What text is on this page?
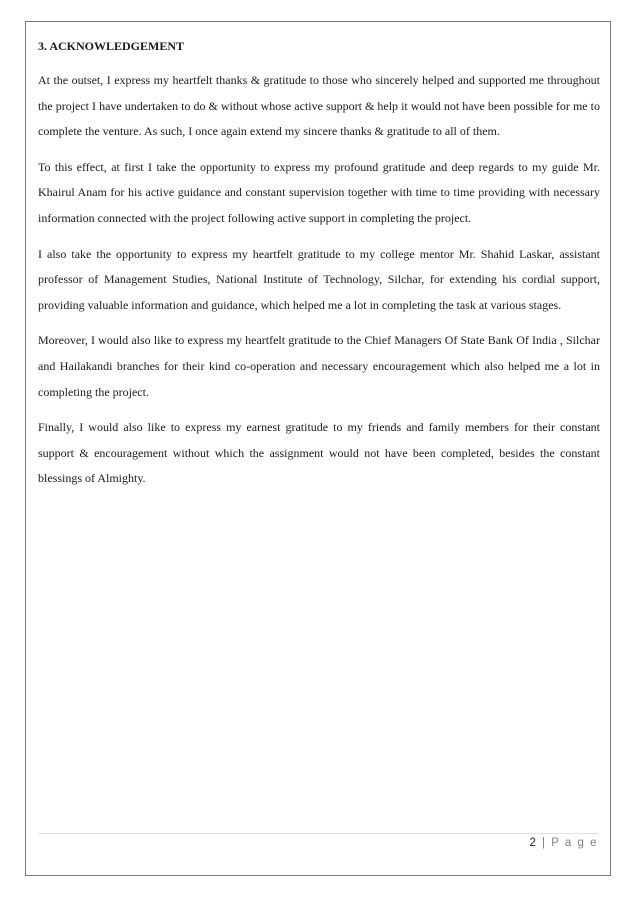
3. ACKNOWLEDGEMENT

At the outset, I express my heartfelt thanks & gratitude to those who sincerely helped and supported me throughout the project I have undertaken to do & without whose active support & help it would not have been possible for me to complete the venture. As such, I once again extend my sincere thanks & gratitude to all of them.

To this effect, at first I take the opportunity to express my profound gratitude and deep regards to my guide Mr. Khairul Anam for his active guidance and constant supervision together with time to time providing with necessary information connected with the project following active support in completing the project.

I also take the opportunity to express my heartfelt gratitude to my college mentor Mr. Shahid Laskar, assistant professor of Management Studies, National Institute of Technology, Silchar, for extending his cordial support, providing valuable information and guidance, which helped me a lot in completing the task at various stages.

Moreover, I would also like to express my heartfelt gratitude to the Chief Managers Of State Bank Of India , Silchar and Hailakandi branches for their kind co-operation and necessary encouragement which also helped me a lot in completing the project.

Finally, I would also like to express my earnest gratitude to my friends and family members for their constant support & encouragement without which the assignment would not have been completed, besides the constant blessings of Almighty.

2 | P a g e
